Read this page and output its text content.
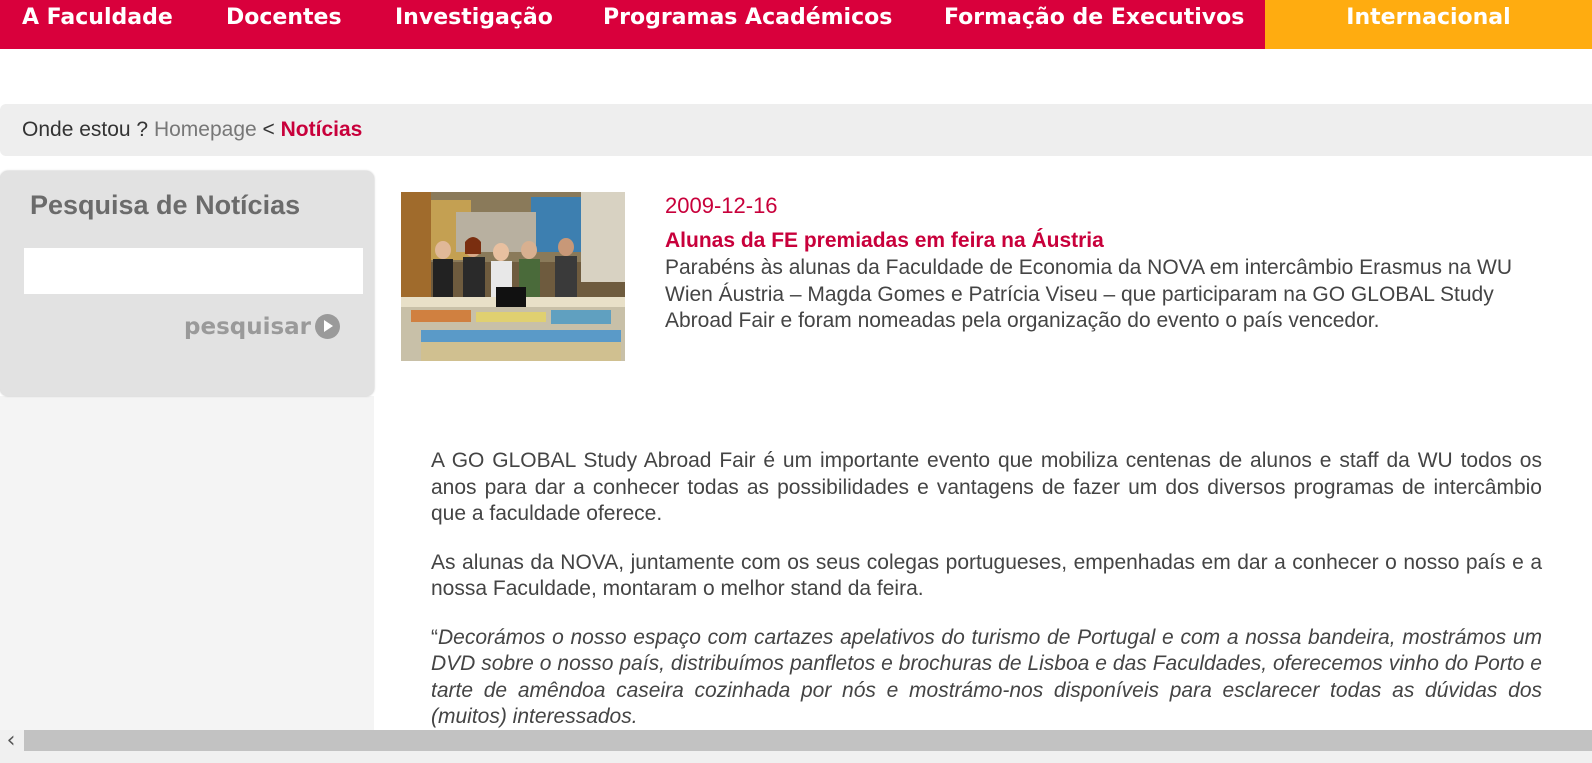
A Faculdade Docentes Investigação Programas Académicos Formação de Executivos	Internacional
Onde estou ? Homepage < Notícias
Pesquisa de Notícias
pesquisar
2009-12-16
Alunas da FE premiadas em feira na Áustria
Parabéns às alunas da Faculdade de Economia da NOVA em intercâmbio Erasmus na WU
Wien Áustria – Magda Gomes e Patrícia Viseu – que participaram na GO GLOBAL Study
Abroad Fair e foram nomeadas pela organização do evento o país vencedor.

A GO GLOBAL Study Abroad Fair é um importante evento que mobiliza centenas de alunos e staff da WU todos os anos para dar a conhecer todas as possibilidades e vantagens de fazer um dos diversos programas de intercâmbio que a faculdade oferece.

As alunas da NOVA, juntamente com os seus colegas portugueses, empenhadas em dar a conhecer o nosso país e a nossa Faculdade, montaram o melhor stand da feira.

“Decorámos o nosso espaço com cartazes apelativos do turismo de Portugal e com a nossa bandeira, mostrámos um DVD sobre o nosso país, distribuímos panfletos e brochuras de Lisboa e das Faculdades, oferecemos vinho do Porto e tarte de amêndoa caseira cozinhada por nós e mostrámo-nos disponíveis para esclarecer todas as dúvidas dos (muitos) interessados.

‹
